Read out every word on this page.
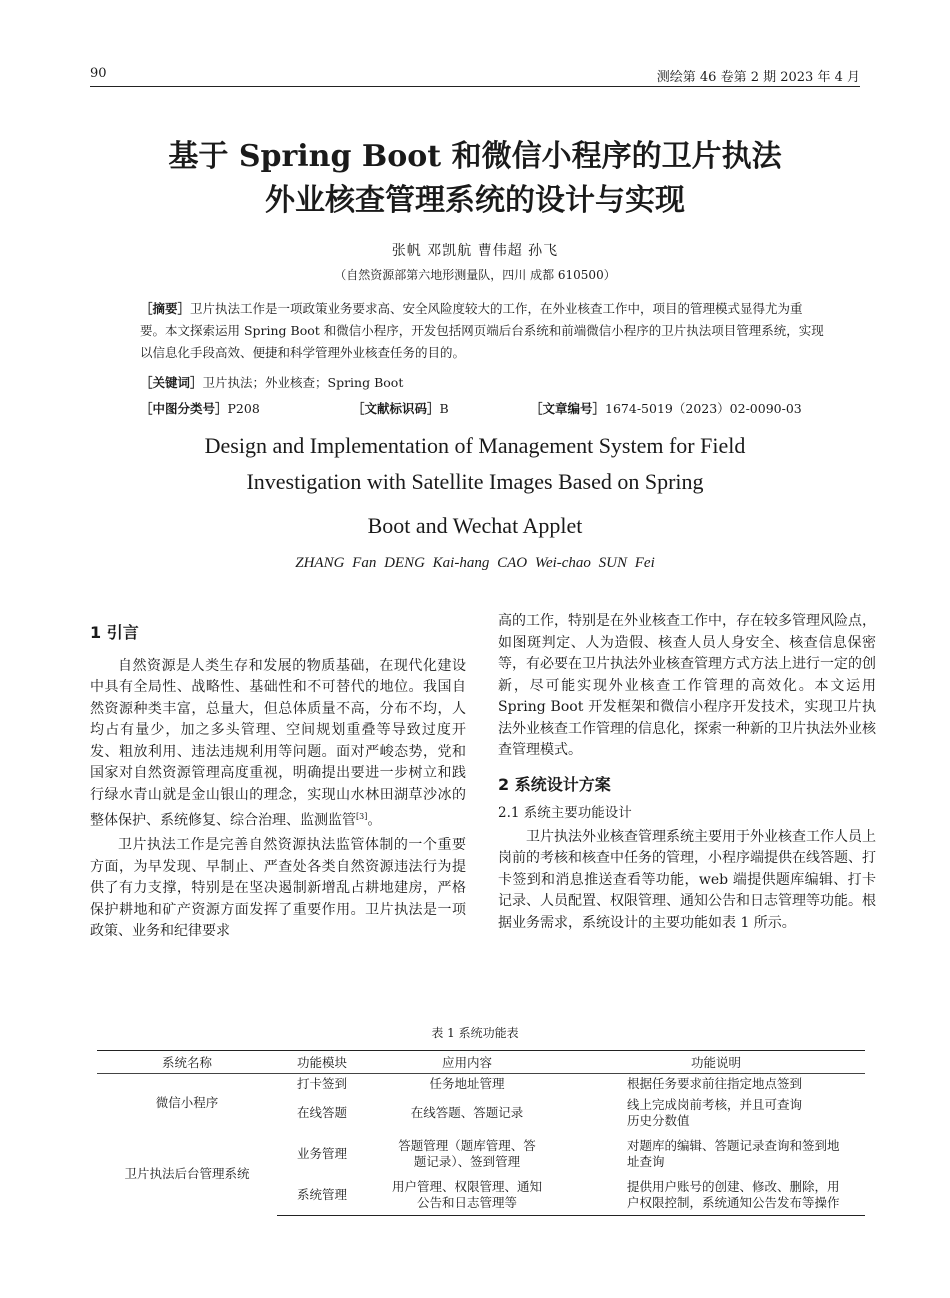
90	测绘第 46 卷第 2 期 2023 年 4 月
基于 Spring Boot 和微信小程序的卫片执法
外业核查管理系统的设计与实现
张帆 邓凯航 曹伟超 孙飞
（自然资源部第六地形测量队，四川 成都 610500）
［摘要］卫片执法工作是一项政策业务要求高、安全风险度较大的工作，在外业核查工作中，项目的管理模式显得尤为重要。本文探索运用 Spring Boot 和微信小程序，开发包括网页端后台系统和前端微信小程序的卫片执法项目管理系统，实现以信息化手段高效、便捷和科学管理外业核查任务的目的。
［关键词］卫片执法；外业核查；Spring Boot
［中图分类号］P208	［文献标识码］B	［文章编号］1674-5019（2023）02-0090-03
Design and Implementation of Management System for Field
Investigation with Satellite Images Based on Spring
Boot and Wechat Applet
ZHANG Fan DENG Kai-hang CAO Wei-chao SUN Fei
1 引言

自然资源是人类生存和发展的物质基础，在现代化建设中具有全局性、战略性、基础性和不可替代的地位。我国自然资源种类丰富，总量大，但总体质量不高，分布不均，人均占有量少，加之多头管理、空间规划重叠等导致过度开发、粗放利用、违法违规利用等问题。面对严峻态势，党和国家对自然资源管理高度重视，明确提出要进一步树立和践行绿水青山就是金山银山的理念，实现山水林田湖草沙冰的整体保护、系统修复、综合治理、监测监管[3]。

卫片执法工作是完善自然资源执法监管体制的一个重要方面，为早发现、早制止、严查处各类自然资源违法行为提供了有力支撑，特别是在坚决遏制新增乱占耕地建房，严格保护耕地和矿产资源方面发挥了重要作用。卫片执法是一项政策、业务和纪律要求

高的工作，特别是在外业核查工作中，存在较多管理风险点，如图斑判定、人为造假、核查人员人身安全、核查信息保密等，有必要在卫片执法外业核查管理方式方法上进行一定的创新，尽可能实现外业核查工作管理的高效化。本文运用 Spring Boot 开发框架和微信小程序开发技术，实现卫片执法外业核查工作管理的信息化，探索一种新的卫片执法外业核查管理模式。

2 系统设计方案
2.1 系统主要功能设计

卫片执法外业核查管理系统主要用于外业核查工作人员上岗前的考核和核查中任务的管理，小程序端提供在线答题、打卡签到和消息推送查看等功能，web 端提供题库编辑、打卡记录、人员配置、权限管理、通知公告和日志管理等功能。根据业务需求，系统设计的主要功能如表 1 所示。

表 1 系统功能表
系统名称	功能模块	应用内容	功能说明
微信小程序	打卡签到	任务地址管理	根据任务要求前往指定地点签到
	在线答题	在线答题、答题记录	线上完成岗前考核，并且可查询历史分数值
卫片执法后台管理系统	业务管理	答题管理（题库管理、答题记录）、签到管理	对题库的编辑、答题记录查询和签到地址查询
	系统管理	用户管理、权限管理、通知公告和日志管理等	提供用户账号的创建、修改、删除，用户权限控制，系统通知公告发布等操作
